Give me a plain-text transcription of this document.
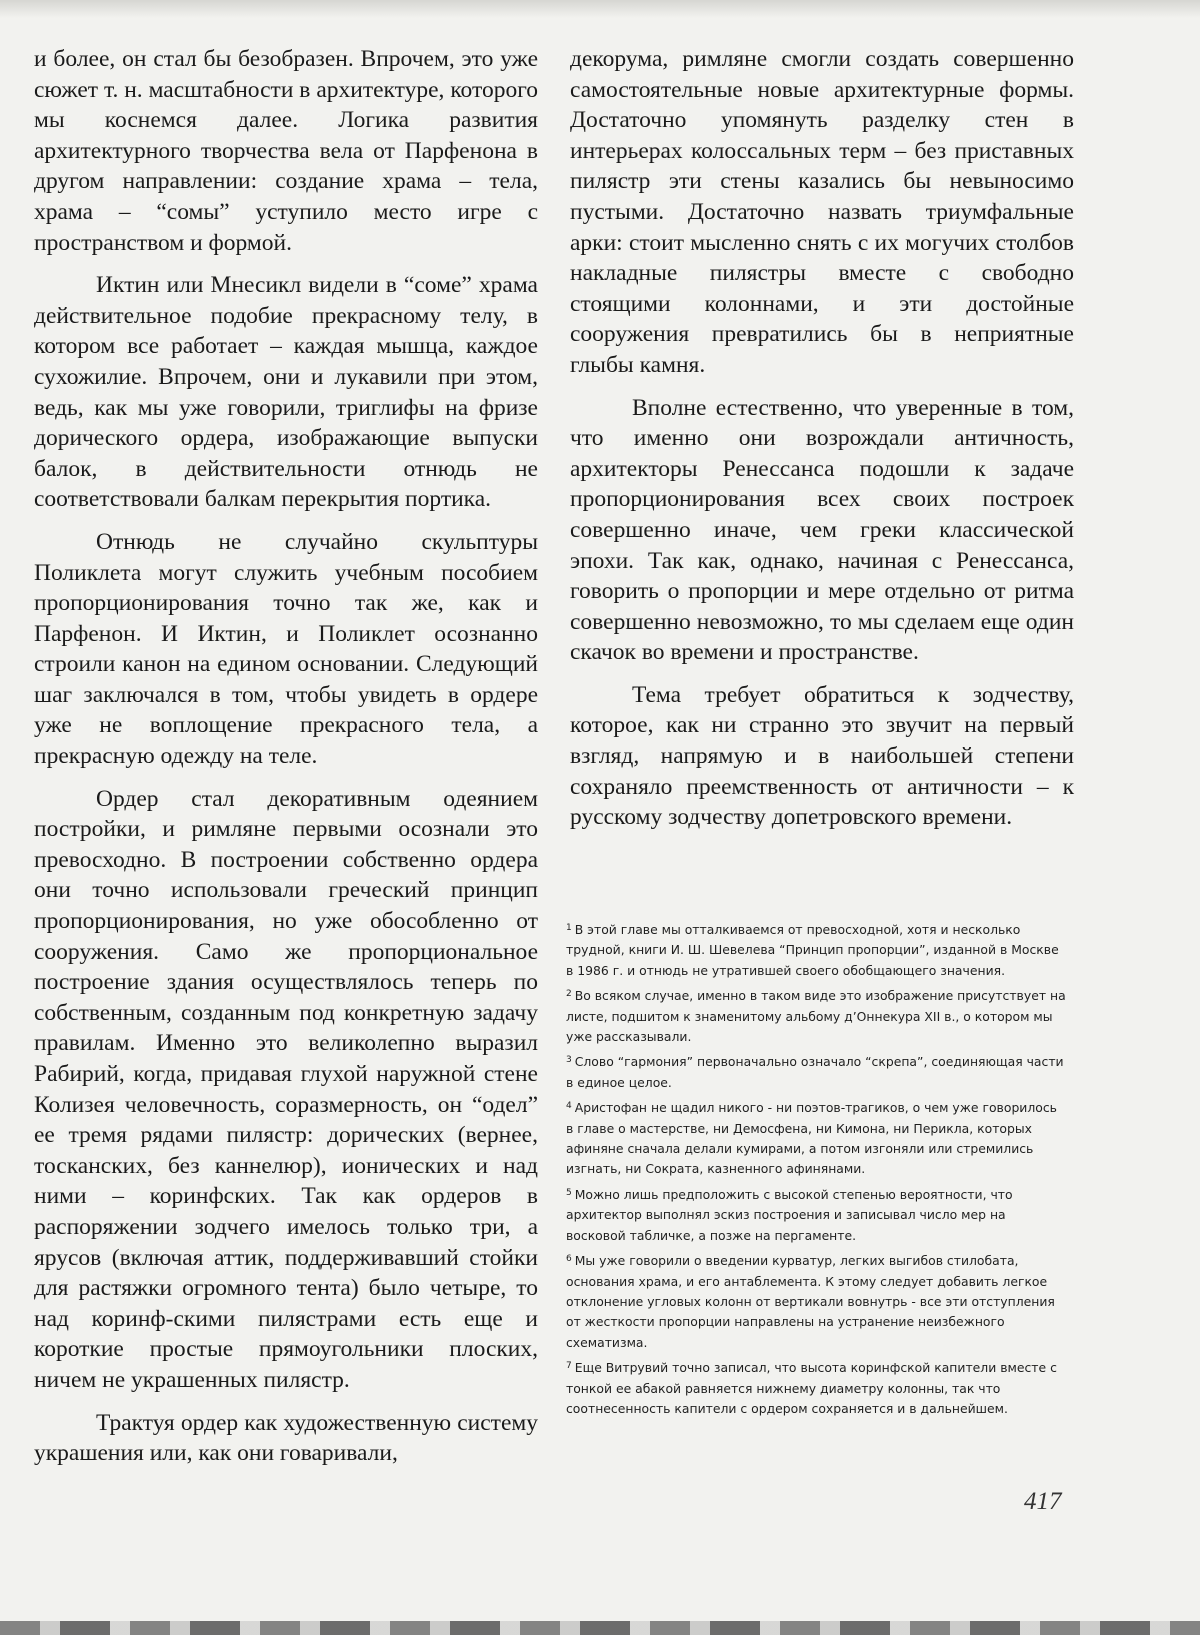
и более, он стал бы безобразен. Впрочем, это уже сюжет т. н. масштабности в архитектуре, которого мы коснемся далее. Логика развития архитектурного творчества вела от Парфенона в другом направлении: создание храма – тела, храма – “сомы” уступило место игре с пространством и формой.

Иктин или Мнесикл видели в “соме” храма действительное подобие прекрасному телу, в котором все работает – каждая мышца, каждое сухожилие. Впрочем, они и лукавили при этом, ведь, как мы уже говорили, триглифы на фризе дорического ордера, изображающие выпуски балок, в действительности отнюдь не соответствовали балкам перекрытия портика.

Отнюдь не случайно скульптуры Поликлета могут служить учебным пособием пропорционирования точно так же, как и Парфенон. И Иктин, и Поликлет осознанно строили канон на едином основании. Следующий шаг заключался в том, чтобы увидеть в ордере уже не воплощение прекрасного тела, а прекрасную одежду на теле.

Ордер стал декоративным одеянием постройки, и римляне первыми осознали это превосходно. В построении собственно ордера они точно использовали греческий принцип пропорционирования, но уже обособленно от сооружения. Само же пропорциональное построение здания осуществлялось теперь по собственным, созданным под конкретную задачу правилам. Именно это великолепно выразил Рабирий, когда, придавая глухой наружной стене Колизея человечность, соразмерность, он “одел” ее тремя рядами пилястр: дорических (вернее, тосканских, без каннелюр), ионических и над ними – коринфских. Так как ордеров в распоряжении зодчего имелось только три, а ярусов (включая аттик, поддерживавший стойки для растяжки огромного тента) было четыре, то над коринф-скими пилястрами есть еще и короткие простые прямоугольники плоских, ничем не украшенных пилястр.

Трактуя ордер как художественную систему украшения или, как они говаривали,

декорума, римляне смогли создать совершенно самостоятельные новые архитектурные формы. Достаточно упомянуть разделку стен в интерьерах колоссальных терм – без приставных пилястр эти стены казались бы невыносимо пустыми. Достаточно назвать триумфальные арки: стоит мысленно снять с их могучих столбов накладные пилястры вместе с свободно стоящими колоннами, и эти достойные сооружения превратились бы в неприятные глыбы камня.

Вполне естественно, что уверенные в том, что именно они возрождали античность, архитекторы Ренессанса подошли к задаче пропорционирования всех своих построек совершенно иначе, чем греки классической эпохи. Так как, однако, начиная с Ренессанса, говорить о пропорции и мере отдельно от ритма совершенно невозможно, то мы сделаем еще один скачок во времени и пространстве.

Тема требует обратиться к зодчеству, которое, как ни странно это звучит на первый взгляд, напрямую и в наибольшей степени сохраняло преемственность от античности – к русскому зодчеству допетровского времени.

$^1$ В этой главе мы отталкиваемся от превосходной, хотя и несколько трудной, книги И. Ш. Шевелева “Принцип пропорции”, изданной в Москве в 1986 г. и отнюдь не утратившей своего обобщающего значения.
$^2$ Во всяком случае, именно в таком виде это изображение присутствует на листе, подшитом к знаменитому альбому д’Оннекура XII в., о котором мы уже рассказывали.
$^3$ Слово “гармония” первоначально означало “скрепа”, соединяющая части в единое целое.
$^4$ Аристофан не щадил никого - ни поэтов-трагиков, о чем уже говорилось в главе о мастерстве, ни Демосфена, ни Кимона, ни Перикла, которых афиняне сначала делали кумирами, а потом изгоняли или стремились изгнать, ни Сократа, казненного афинянами.
$^5$ Можно лишь предположить с высокой степенью вероятности, что архитектор выполнял эскиз построения и записывал число мер на восковой табличке, а позже на пергаменте.
$^6$ Мы уже говорили о введении курватур, легких выгибов стилобата, основания храма, и его антаблемента. К этому следует добавить легкое отклонение угловых колонн от вертикали вовнутрь - все эти отступления от жесткости пропорции направлены на устранение неизбежного схематизма.
$^7$ Еще Витрувий точно записал, что высота коринфской капители вместе с тонкой ее абакой равняется нижнему диаметру колонны, так что соотнесенность капители с ордером сохраняется и в дальнейшем.
417
